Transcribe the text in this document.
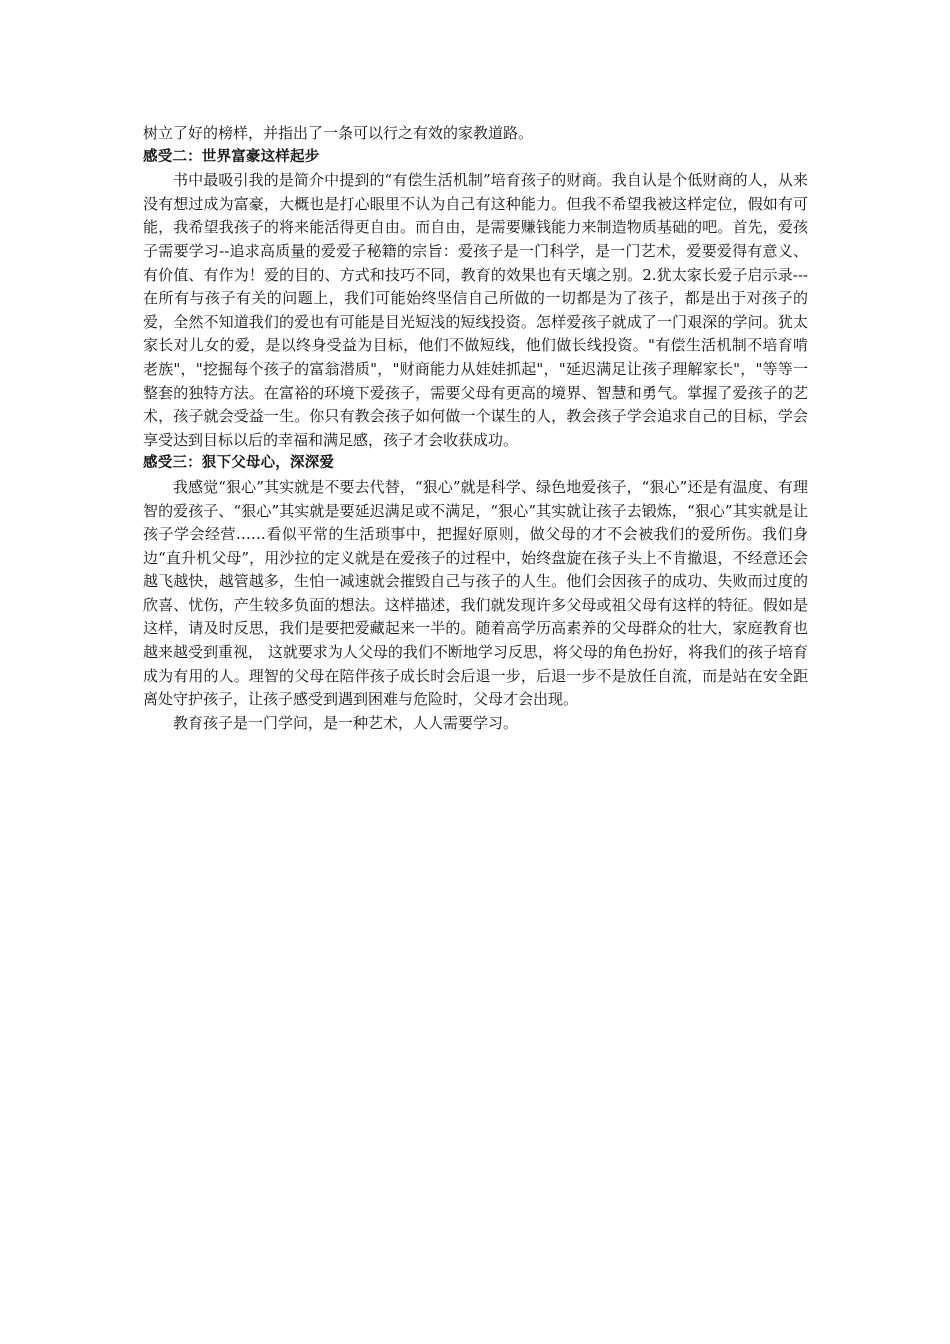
树立了好的榜样，并指出了一条可以行之有效的家教道路。

感受二：世界富豪这样起步

书中最吸引我的是简介中提到的“有偿生活机制”培育孩子的财商。我自认是个低财商的人，从来没有想过成为富豪，大概也是打心眼里不认为自己有这种能力。但我不希望我被这样定位，假如有可能，我希望我孩子的将来能活得更自由。而自由，是需要赚钱能力来制造物质基础的吧。首先，爱孩子需要学习--追求高质量的爱爱子秘籍的宗旨：爱孩子是一门科学，是一门艺术，爱要爱得有意义、有价值、有作为！爱的目的、方式和技巧不同，教育的效果也有天壤之别。2.犹太家长爱子启示录---在所有与孩子有关的问题上，我们可能始终坚信自己所做的一切都是为了孩子，都是出于对孩子的爱，全然不知道我们的爱也有可能是目光短浅的短线投资。怎样爱孩子就成了一门艰深的学问。犹太家长对儿女的爱，是以终身受益为目标，他们不做短线，他们做长线投资。"有偿生活机制不培育啃老族"，"挖掘每个孩子的富翁潜质"，"财商能力从娃娃抓起"，"延迟满足让孩子理解家长"，"等等一整套的独特方法。在富裕的环境下爱孩子，需要父母有更高的境界、智慧和勇气。掌握了爱孩子的艺术，孩子就会受益一生。你只有教会孩子如何做一个谋生的人，教会孩子学会追求自己的目标，学会享受达到目标以后的幸福和满足感，孩子才会收获成功。

感受三：狠下父母心，深深爱

我感觉“狠心”其实就是不要去代替，“狠心”就是科学、绿色地爱孩子，“狠心”还是有温度、有理智的爱孩子、“狠心”其实就是要延迟满足或不满足，“狠心”其实就让孩子去锻炼，“狠心”其实就是让孩子学会经营……看似平常的生活琐事中，把握好原则，做父母的才不会被我们的爱所伤。我们身边“直升机父母”，用沙拉的定义就是在爱孩子的过程中，始终盘旋在孩子头上不肯撤退，不经意还会越飞越快，越管越多，生怕一减速就会摧毁自己与孩子的人生。他们会因孩子的成功、失败而过度的欣喜、忧伤，产生较多负面的想法。这样描述，我们就发现许多父母或祖父母有这样的特征。假如是这样，请及时反思，我们是要把爱藏起来一半的。随着高学历高素养的父母群众的壮大，家庭教育也越来越受到重视， 这就要求为人父母的我们不断地学习反思，将父母的角色扮好，将我们的孩子培育成为有用的人。理智的父母在陪伴孩子成长时会后退一步，后退一步不是放任自流，而是站在安全距离处守护孩子，让孩子感受到遇到困难与危险时，父母才会出现。

教育孩子是一门学问，是一种艺术，人人需要学习。
